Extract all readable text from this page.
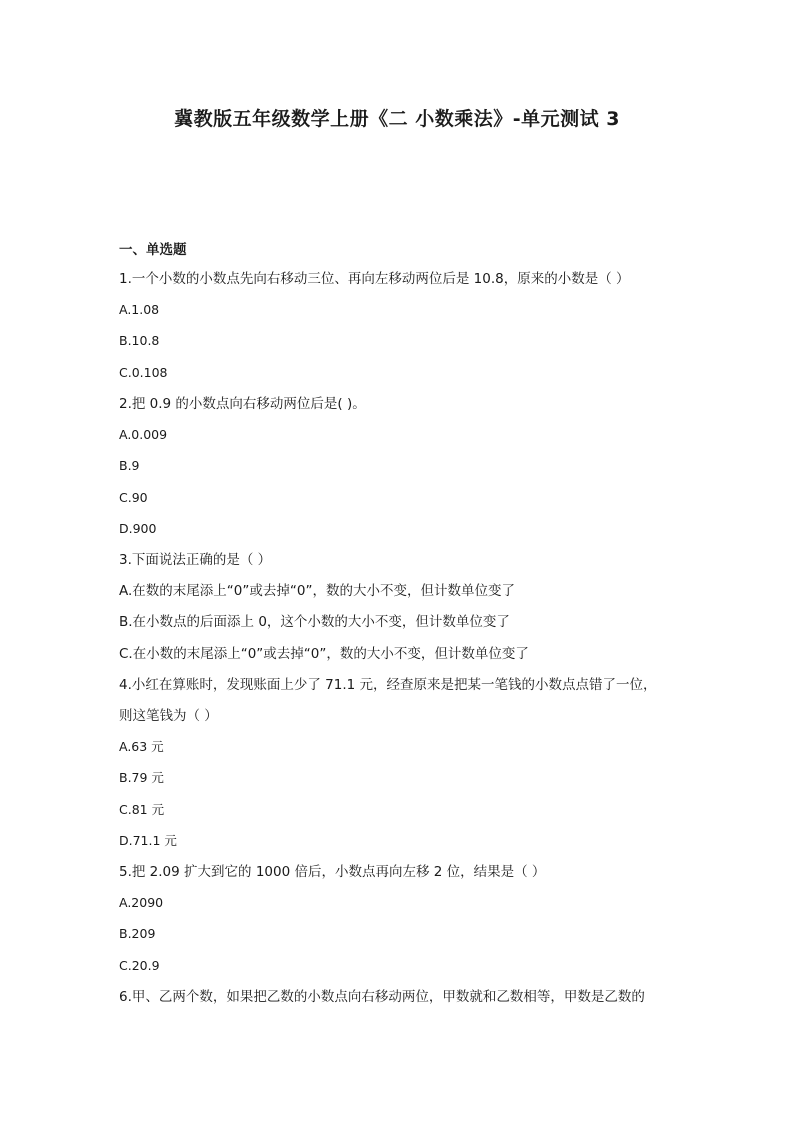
冀教版五年级数学上册《二 小数乘法》-单元测试 3
一、单选题
1.一个小数的小数点先向右移动三位、再向左移动两位后是 10.8，原来的小数是（ ）
A.1.08
B.10.8
C.0.108
2.把 0.9 的小数点向右移动两位后是( )。
A.0.009
B.9
C.90
D.900
3.下面说法正确的是（ ）
A.在数的末尾添上“0”或去掉“0”，数的大小不变，但计数单位变了
B.在小数点的后面添上 0，这个小数的大小不变，但计数单位变了
C.在小数的末尾添上“0”或去掉“0”，数的大小不变，但计数单位变了
4.小红在算账时，发现账面上少了 71.1 元，经查原来是把某一笔钱的小数点点错了一位，
则这笔钱为（ ）
A.63 元
B.79 元
C.81 元
D.71.1 元
5.把 2.09 扩大到它的 1000 倍后，小数点再向左移 2 位，结果是（ ）
A.2090
B.209
C.20.9
6.甲、乙两个数，如果把乙数的小数点向右移动两位，甲数就和乙数相等，甲数是乙数的
